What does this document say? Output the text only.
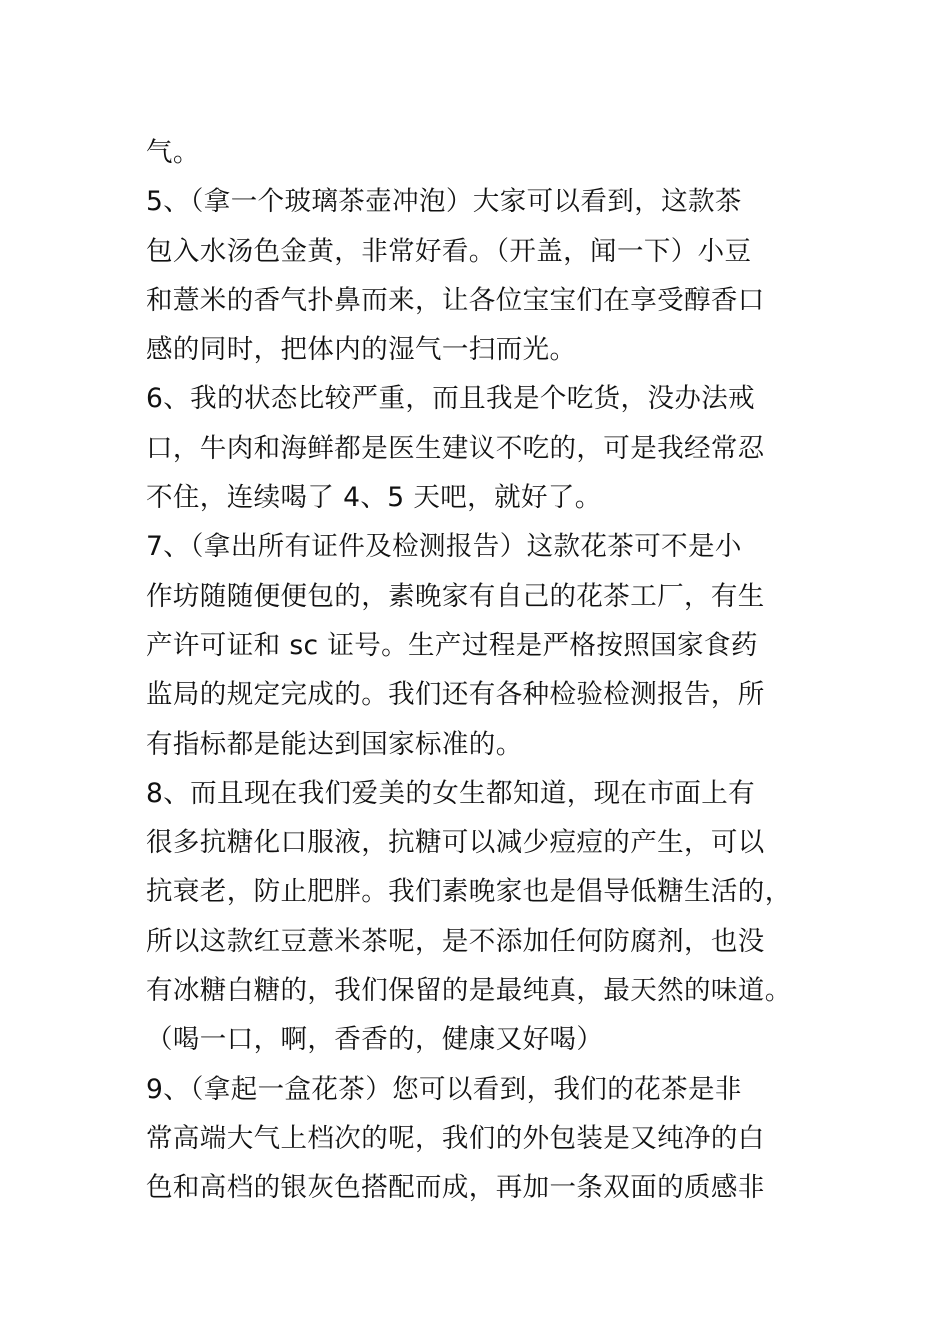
气。
5、（拿一个玻璃茶壶冲泡）大家可以看到，这款茶
包入水汤色金黄，非常好看。（开盖，闻一下）小豆
和薏米的香气扑鼻而来，让各位宝宝们在享受醇香口
感的同时，把体内的湿气一扫而光。
6、我的状态比较严重，而且我是个吃货，没办法戒
口，牛肉和海鲜都是医生建议不吃的，可是我经常忍
不住，连续喝了 4、5 天吧，就好了。
7、（拿出所有证件及检测报告）这款花茶可不是小
作坊随随便便包的，素晚家有自己的花茶工厂，有生
产许可证和 sc 证号。生产过程是严格按照国家食药
监局的规定完成的。我们还有各种检验检测报告，所
有指标都是能达到国家标准的。
8、而且现在我们爱美的女生都知道，现在市面上有
很多抗糖化口服液，抗糖可以减少痘痘的产生，可以
抗衰老，防止肥胖。我们素晚家也是倡导低糖生活的，
所以这款红豆薏米茶呢，是不添加任何防腐剂，也没
有冰糖白糖的，我们保留的是最纯真，最天然的味道。
（喝一口，啊，香香的，健康又好喝）
9、（拿起一盒花茶）您可以看到，我们的花茶是非
常高端大气上档次的呢，我们的外包装是又纯净的白
色和高档的银灰色搭配而成，再加一条双面的质感非
